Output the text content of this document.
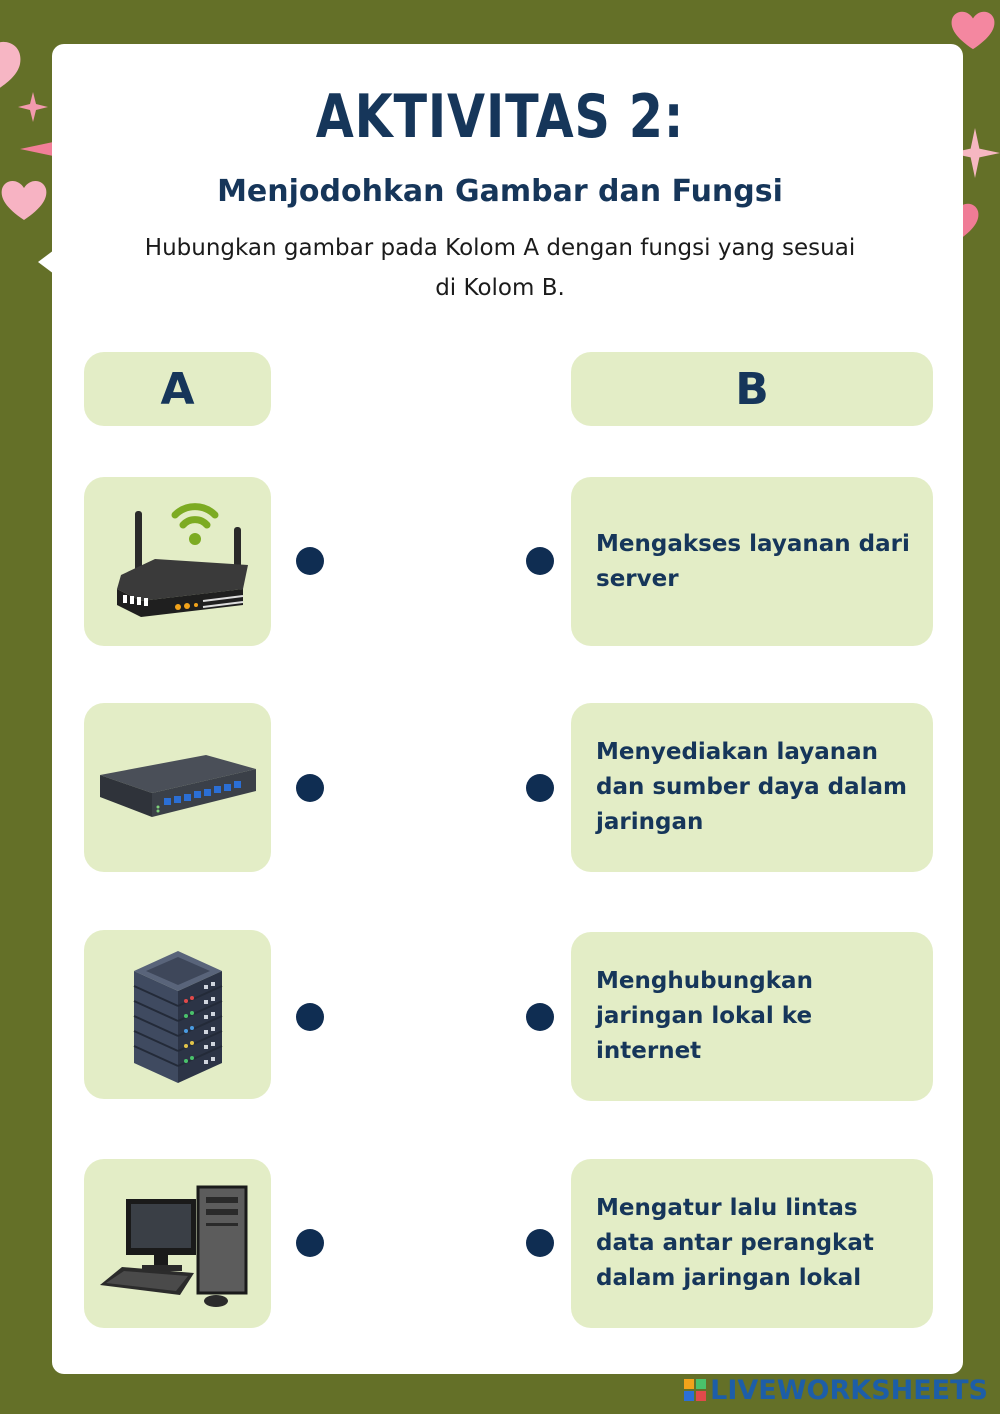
AKTIVITAS 2:
Menjodohkan Gambar dan Fungsi
Hubungkan gambar pada Kolom A dengan fungsi yang sesuai
di Kolom B.
A	B
Mengakses layanan dari server
Menyediakan layanan dan sumber daya dalam jaringan
Menghubungkan jaringan lokal ke internet
Mengatur lalu lintas data antar perangkat dalam jaringan lokal
LIVEWORKSHEETS
